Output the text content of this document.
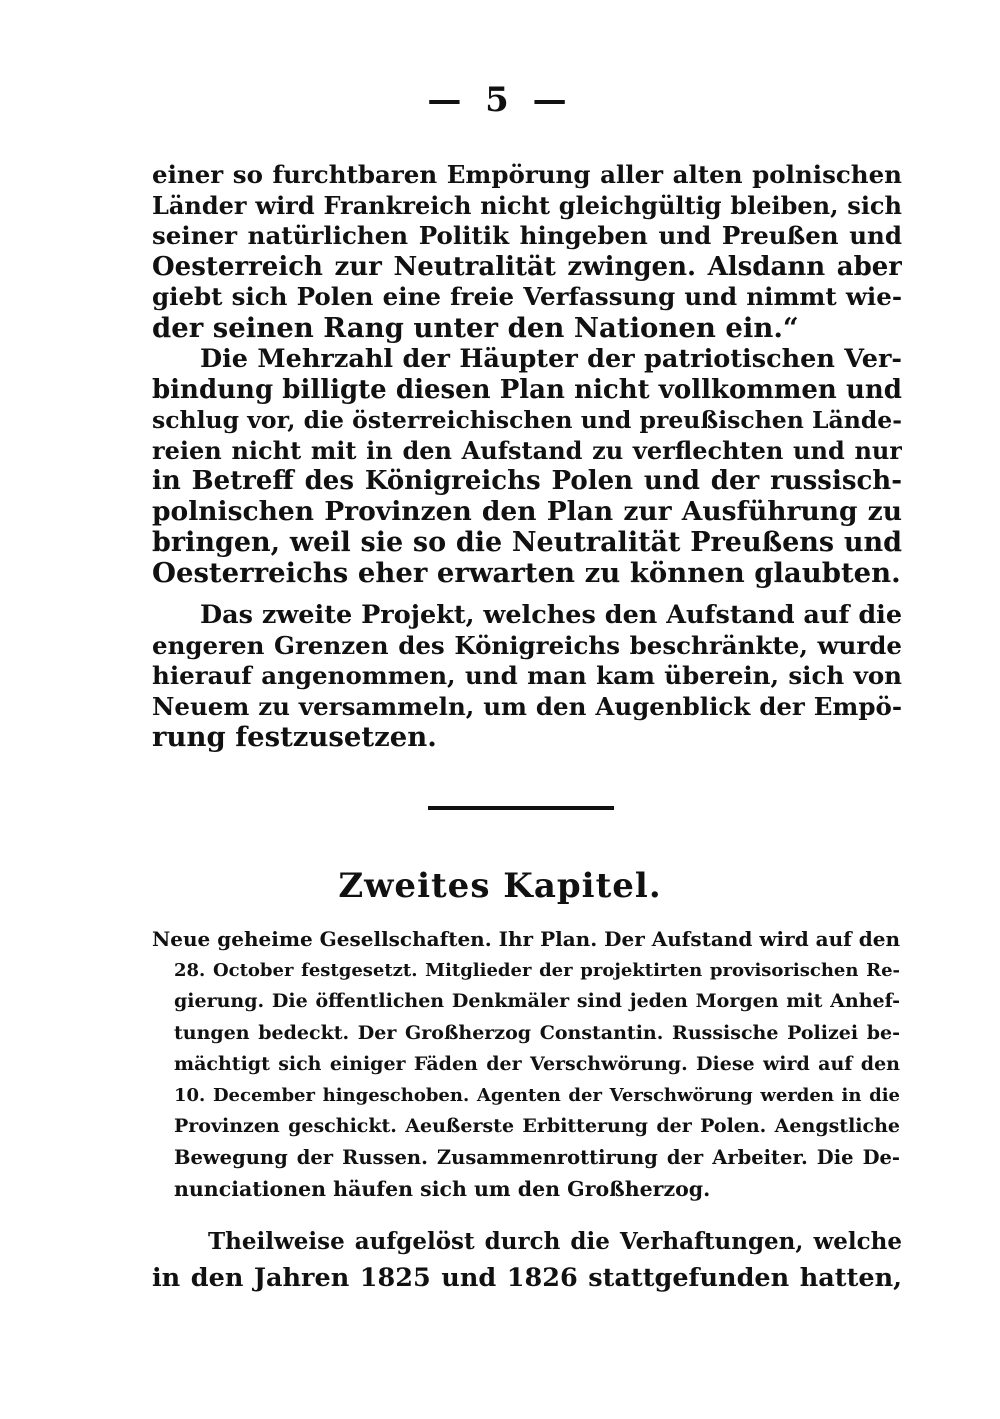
— 5 —
einer so furchtbaren Empörung aller alten polnischen
Länder wird Frankreich nicht gleichgültig bleiben, sich
seiner natürlichen Politik hingeben und Preußen und
Oesterreich zur Neutralität zwingen. Alsdann aber
giebt sich Polen eine freie Verfassung und nimmt wie-
der seinen Rang unter den Nationen ein.“
Die Mehrzahl der Häupter der patriotischen Ver-
bindung billigte diesen Plan nicht vollkommen und
schlug vor, die österreichischen und preußischen Lände-
reien nicht mit in den Aufstand zu verflechten und nur
in Betreff des Königreichs Polen und der russisch-
polnischen Provinzen den Plan zur Ausführung zu
bringen, weil sie so die Neutralität Preußens und
Oesterreichs eher erwarten zu können glaubten.
Das zweite Projekt, welches den Aufstand auf die
engeren Grenzen des Königreichs beschränkte, wurde
hierauf angenommen, und man kam überein, sich von
Neuem zu versammeln, um den Augenblick der Empö-
rung festzusetzen.
Zweites Kapitel.
Neue geheime Gesellschaften. Ihr Plan. Der Aufstand wird auf den
28. October festgesetzt. Mitglieder der projektirten provisorischen Re-
gierung. Die öffentlichen Denkmäler sind jeden Morgen mit Anhef-
tungen bedeckt. Der Großherzog Constantin. Russische Polizei be-
mächtigt sich einiger Fäden der Verschwörung. Diese wird auf den
10. December hingeschoben. Agenten der Verschwörung werden in die
Provinzen geschickt. Aeußerste Erbitterung der Polen. Aengstliche
Bewegung der Russen. Zusammenrottirung der Arbeiter. Die De-
nunciationen häufen sich um den Großherzog.
Theilweise aufgelöst durch die Verhaftungen, welche
in den Jahren 1825 und 1826 stattgefunden hatten,
